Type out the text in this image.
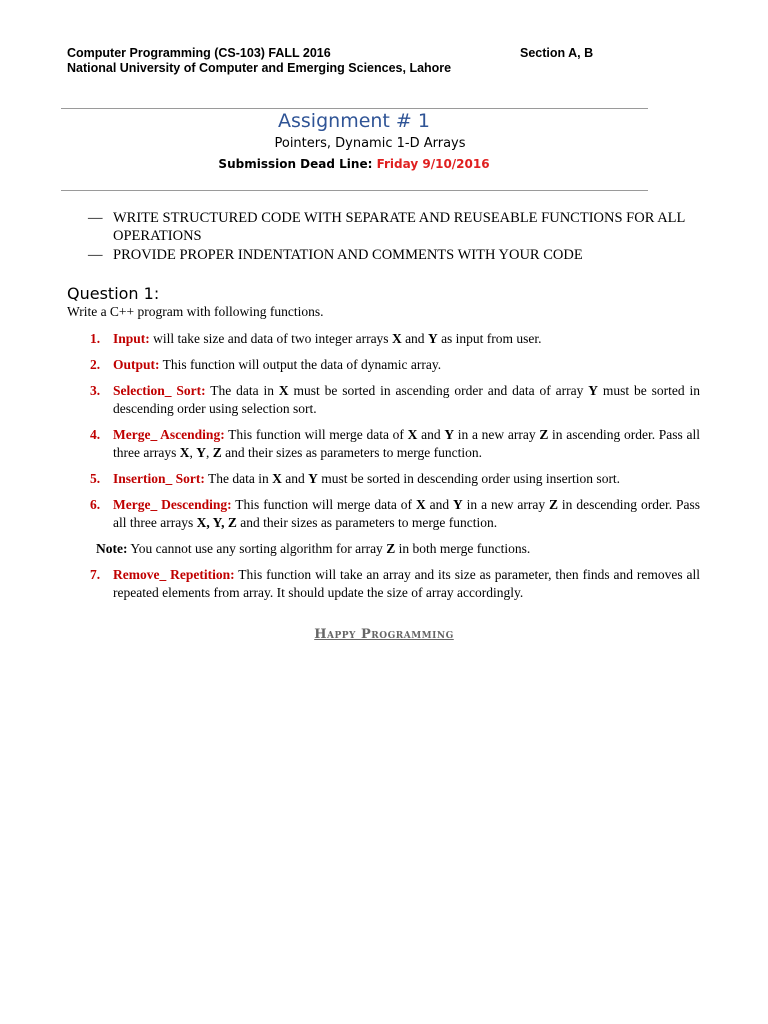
Computer Programming (CS-103) FALL 2016
National University of Computer and Emerging Sciences, Lahore
Section A, B
Assignment # 1
Pointers, Dynamic 1-D Arrays
Submission Dead Line: Friday 9/10/2016
— WRITE STRUCTURED CODE WITH SEPARATE AND REUSEABLE FUNCTIONS FOR ALL OPERATIONS
— PROVIDE PROPER INDENTATION AND COMMENTS WITH YOUR CODE
Question 1:
Write a C++ program with following functions.
1. Input: will take size and data of two integer arrays X and Y as input from user.
2. Output: This function will output the data of dynamic array.
3. Selection_ Sort: The data in X must be sorted in ascending order and data of array Y must be sorted in descending order using selection sort.
4. Merge_ Ascending: This function will merge data of X and Y in a new array Z in ascending order. Pass all three arrays X, Y, Z and their sizes as parameters to merge function.
5. Insertion_ Sort: The data in X and Y must be sorted in descending order using insertion sort.
6. Merge_ Descending: This function will merge data of X and Y in a new array Z in descending order. Pass all three arrays X, Y, Z and their sizes as parameters to merge function.
Note: You cannot use any sorting algorithm for array Z in both merge functions.
7. Remove_ Repetition: This function will take an array and its size as parameter, then finds and removes all repeated elements from array. It should update the size of array accordingly.
Happy Programming
